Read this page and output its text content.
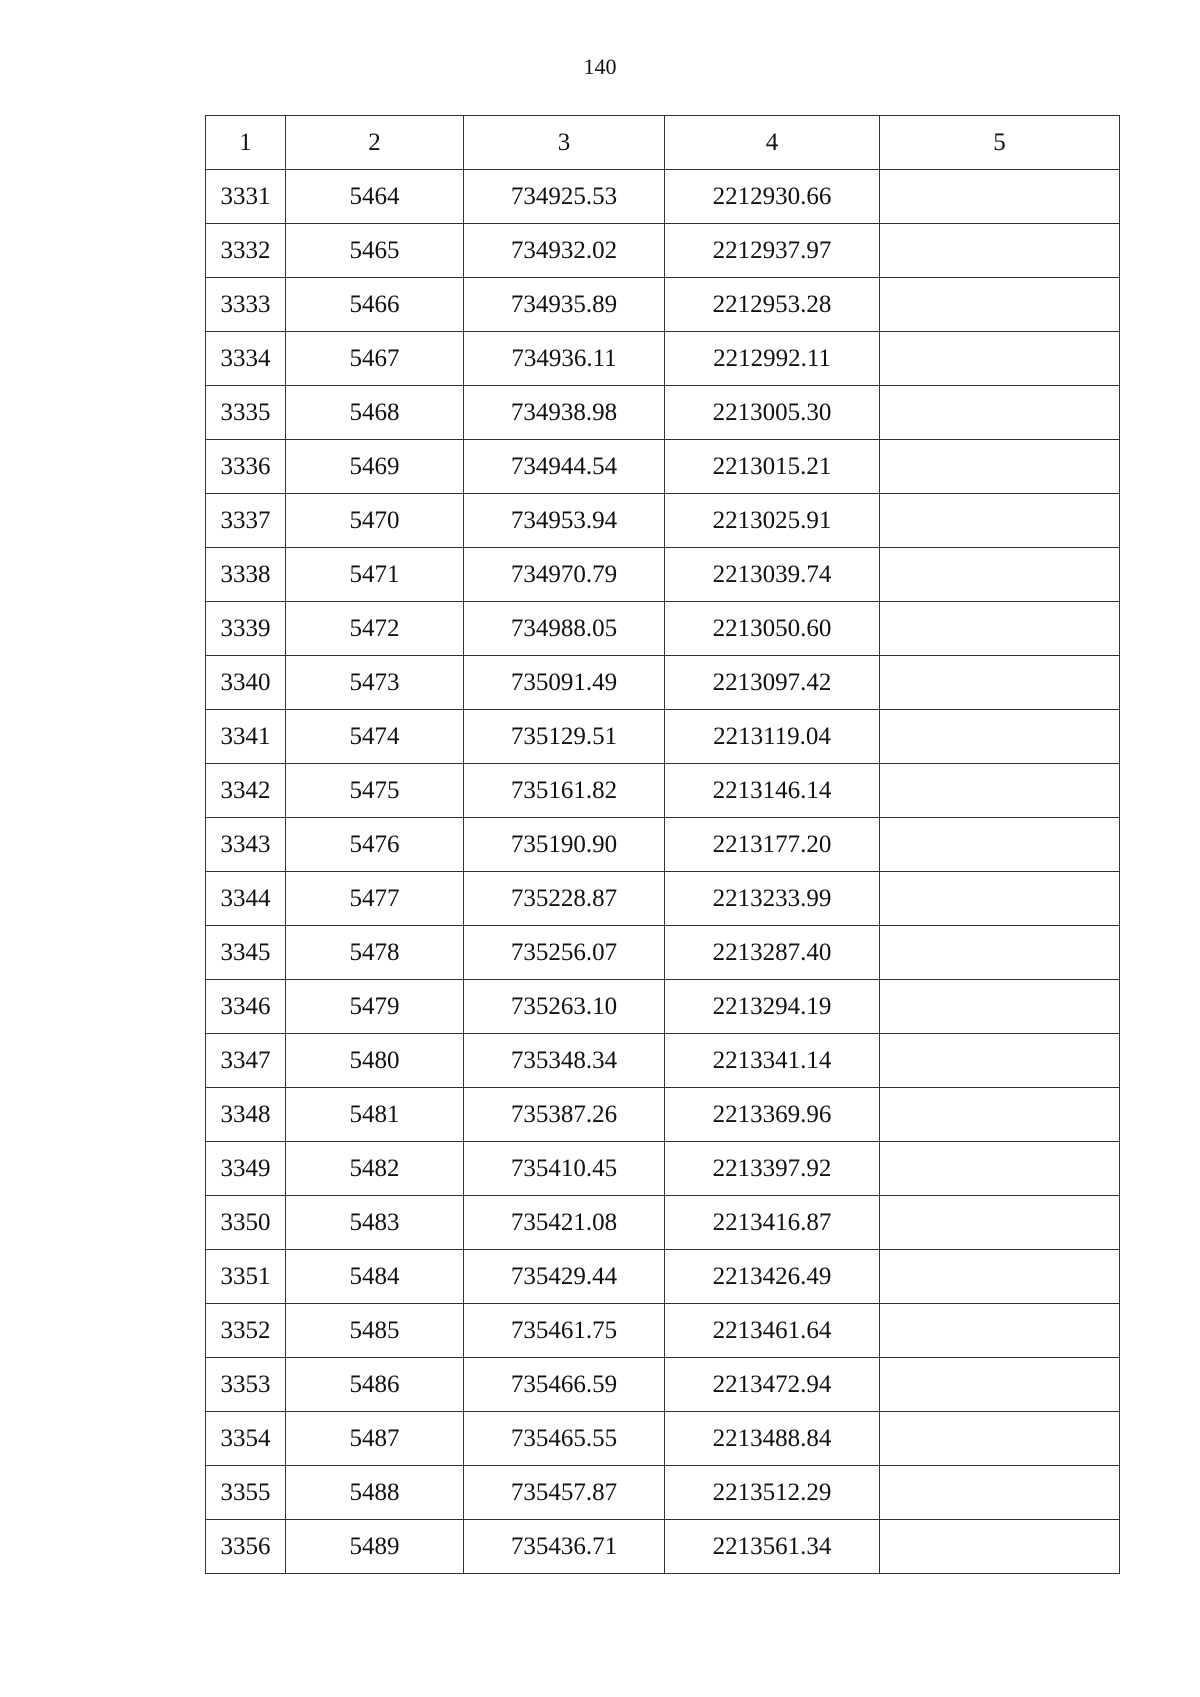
140
1	2	3	4	5
3331	5464	734925.53	2212930.66	
3332	5465	734932.02	2212937.97	
3333	5466	734935.89	2212953.28	
3334	5467	734936.11	2212992.11	
3335	5468	734938.98	2213005.30	
3336	5469	734944.54	2213015.21	
3337	5470	734953.94	2213025.91	
3338	5471	734970.79	2213039.74	
3339	5472	734988.05	2213050.60	
3340	5473	735091.49	2213097.42	
3341	5474	735129.51	2213119.04	
3342	5475	735161.82	2213146.14	
3343	5476	735190.90	2213177.20	
3344	5477	735228.87	2213233.99	
3345	5478	735256.07	2213287.40	
3346	5479	735263.10	2213294.19	
3347	5480	735348.34	2213341.14	
3348	5481	735387.26	2213369.96	
3349	5482	735410.45	2213397.92	
3350	5483	735421.08	2213416.87	
3351	5484	735429.44	2213426.49	
3352	5485	735461.75	2213461.64	
3353	5486	735466.59	2213472.94	
3354	5487	735465.55	2213488.84	
3355	5488	735457.87	2213512.29	
3356	5489	735436.71	2213561.34	
